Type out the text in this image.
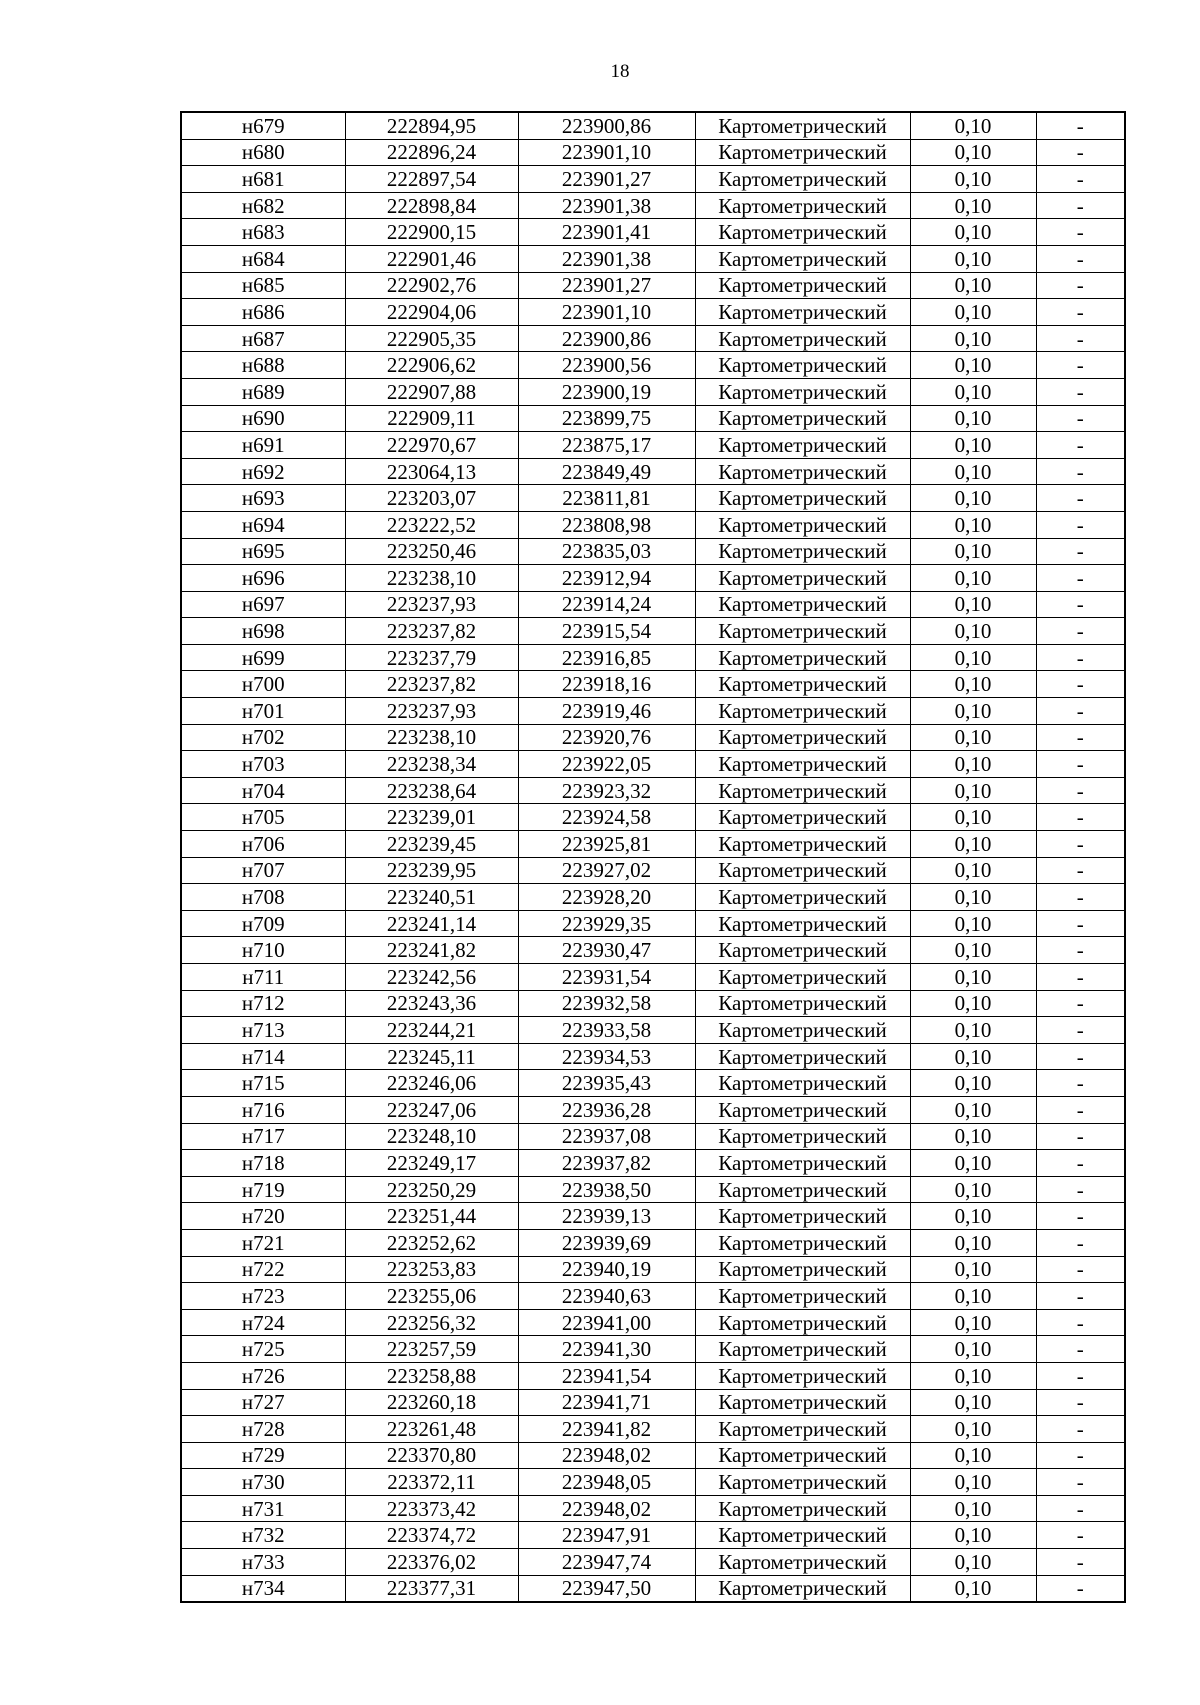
18
н679	222894,95	223900,86	Картометрический	0,10	-
н680	222896,24	223901,10	Картометрический	0,10	-
н681	222897,54	223901,27	Картометрический	0,10	-
н682	222898,84	223901,38	Картометрический	0,10	-
н683	222900,15	223901,41	Картометрический	0,10	-
н684	222901,46	223901,38	Картометрический	0,10	-
н685	222902,76	223901,27	Картометрический	0,10	-
н686	222904,06	223901,10	Картометрический	0,10	-
н687	222905,35	223900,86	Картометрический	0,10	-
н688	222906,62	223900,56	Картометрический	0,10	-
н689	222907,88	223900,19	Картометрический	0,10	-
н690	222909,11	223899,75	Картометрический	0,10	-
н691	222970,67	223875,17	Картометрический	0,10	-
н692	223064,13	223849,49	Картометрический	0,10	-
н693	223203,07	223811,81	Картометрический	0,10	-
н694	223222,52	223808,98	Картометрический	0,10	-
н695	223250,46	223835,03	Картометрический	0,10	-
н696	223238,10	223912,94	Картометрический	0,10	-
н697	223237,93	223914,24	Картометрический	0,10	-
н698	223237,82	223915,54	Картометрический	0,10	-
н699	223237,79	223916,85	Картометрический	0,10	-
н700	223237,82	223918,16	Картометрический	0,10	-
н701	223237,93	223919,46	Картометрический	0,10	-
н702	223238,10	223920,76	Картометрический	0,10	-
н703	223238,34	223922,05	Картометрический	0,10	-
н704	223238,64	223923,32	Картометрический	0,10	-
н705	223239,01	223924,58	Картометрический	0,10	-
н706	223239,45	223925,81	Картометрический	0,10	-
н707	223239,95	223927,02	Картометрический	0,10	-
н708	223240,51	223928,20	Картометрический	0,10	-
н709	223241,14	223929,35	Картометрический	0,10	-
н710	223241,82	223930,47	Картометрический	0,10	-
н711	223242,56	223931,54	Картометрический	0,10	-
н712	223243,36	223932,58	Картометрический	0,10	-
н713	223244,21	223933,58	Картометрический	0,10	-
н714	223245,11	223934,53	Картометрический	0,10	-
н715	223246,06	223935,43	Картометрический	0,10	-
н716	223247,06	223936,28	Картометрический	0,10	-
н717	223248,10	223937,08	Картометрический	0,10	-
н718	223249,17	223937,82	Картометрический	0,10	-
н719	223250,29	223938,50	Картометрический	0,10	-
н720	223251,44	223939,13	Картометрический	0,10	-
н721	223252,62	223939,69	Картометрический	0,10	-
н722	223253,83	223940,19	Картометрический	0,10	-
н723	223255,06	223940,63	Картометрический	0,10	-
н724	223256,32	223941,00	Картометрический	0,10	-
н725	223257,59	223941,30	Картометрический	0,10	-
н726	223258,88	223941,54	Картометрический	0,10	-
н727	223260,18	223941,71	Картометрический	0,10	-
н728	223261,48	223941,82	Картометрический	0,10	-
н729	223370,80	223948,02	Картометрический	0,10	-
н730	223372,11	223948,05	Картометрический	0,10	-
н731	223373,42	223948,02	Картометрический	0,10	-
н732	223374,72	223947,91	Картометрический	0,10	-
н733	223376,02	223947,74	Картометрический	0,10	-
н734	223377,31	223947,50	Картометрический	0,10	-
